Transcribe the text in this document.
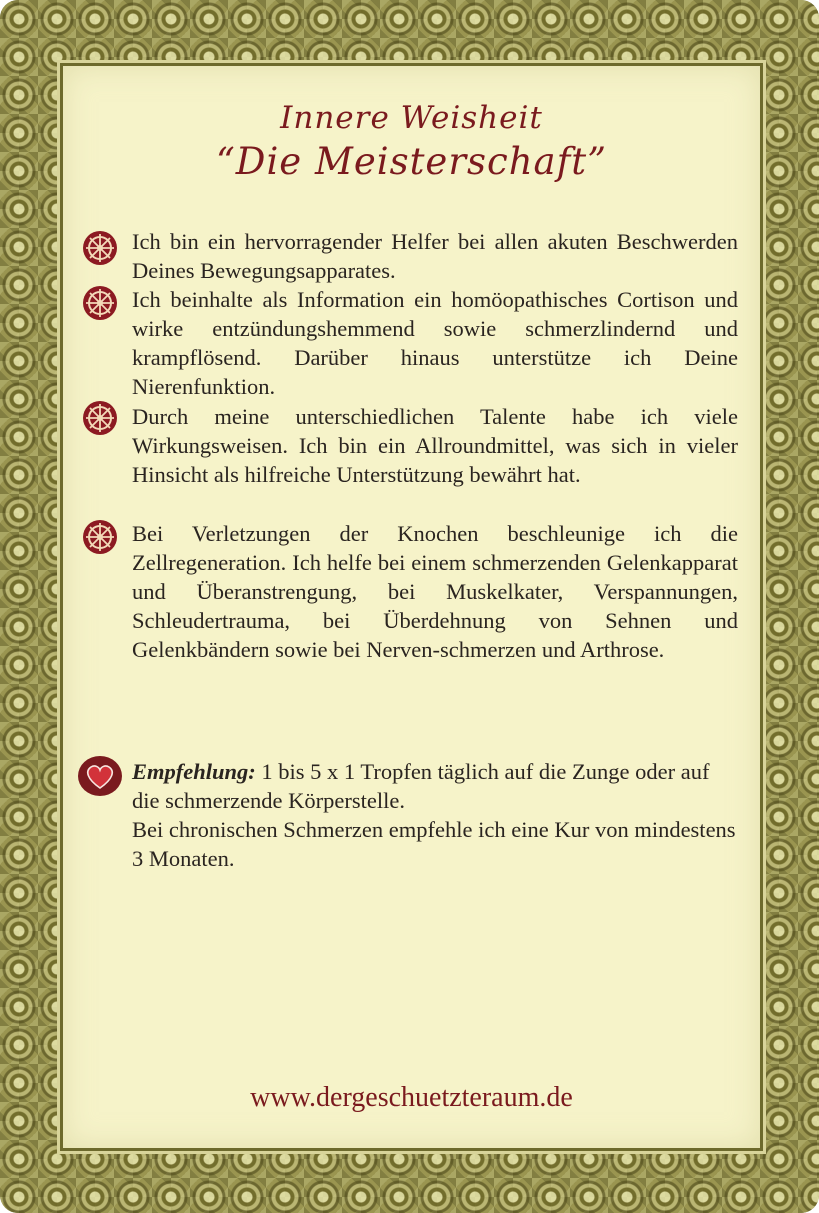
Innere Weisheit
“Die Meisterschaft”

Ich bin ein hervorragender Helfer bei allen akuten Beschwerden Deines Bewegungsapparates.

Ich beinhalte als Information ein homöopathisches Cortison und wirke entzündungshemmend sowie schmerzlindernd und krampflösend. Darüber hinaus unterstütze ich Deine Nierenfunktion.

Durch meine unterschiedlichen Talente habe ich viele Wirkungsweisen. Ich bin ein Allroundmittel, was sich in vieler Hinsicht als hilfreiche Unterstützung bewährt hat.

Bei Verletzungen der Knochen beschleunige ich die Zellregeneration. Ich helfe bei einem schmerzenden Gelenkapparat und Überanstrengung, bei Muskelkater, Verspannungen, Schleudertrauma, bei Überdehnung von Sehnen und Gelenkbändern sowie bei Nerven-schmerzen und Arthrose.

Empfehlung: 1 bis 5 x 1 Tropfen täglich auf die Zunge oder auf die schmerzende Körperstelle.
Bei chronischen Schmerzen empfehle ich eine Kur von mindestens 3 Monaten.
www.dergeschuetzteraum.de
